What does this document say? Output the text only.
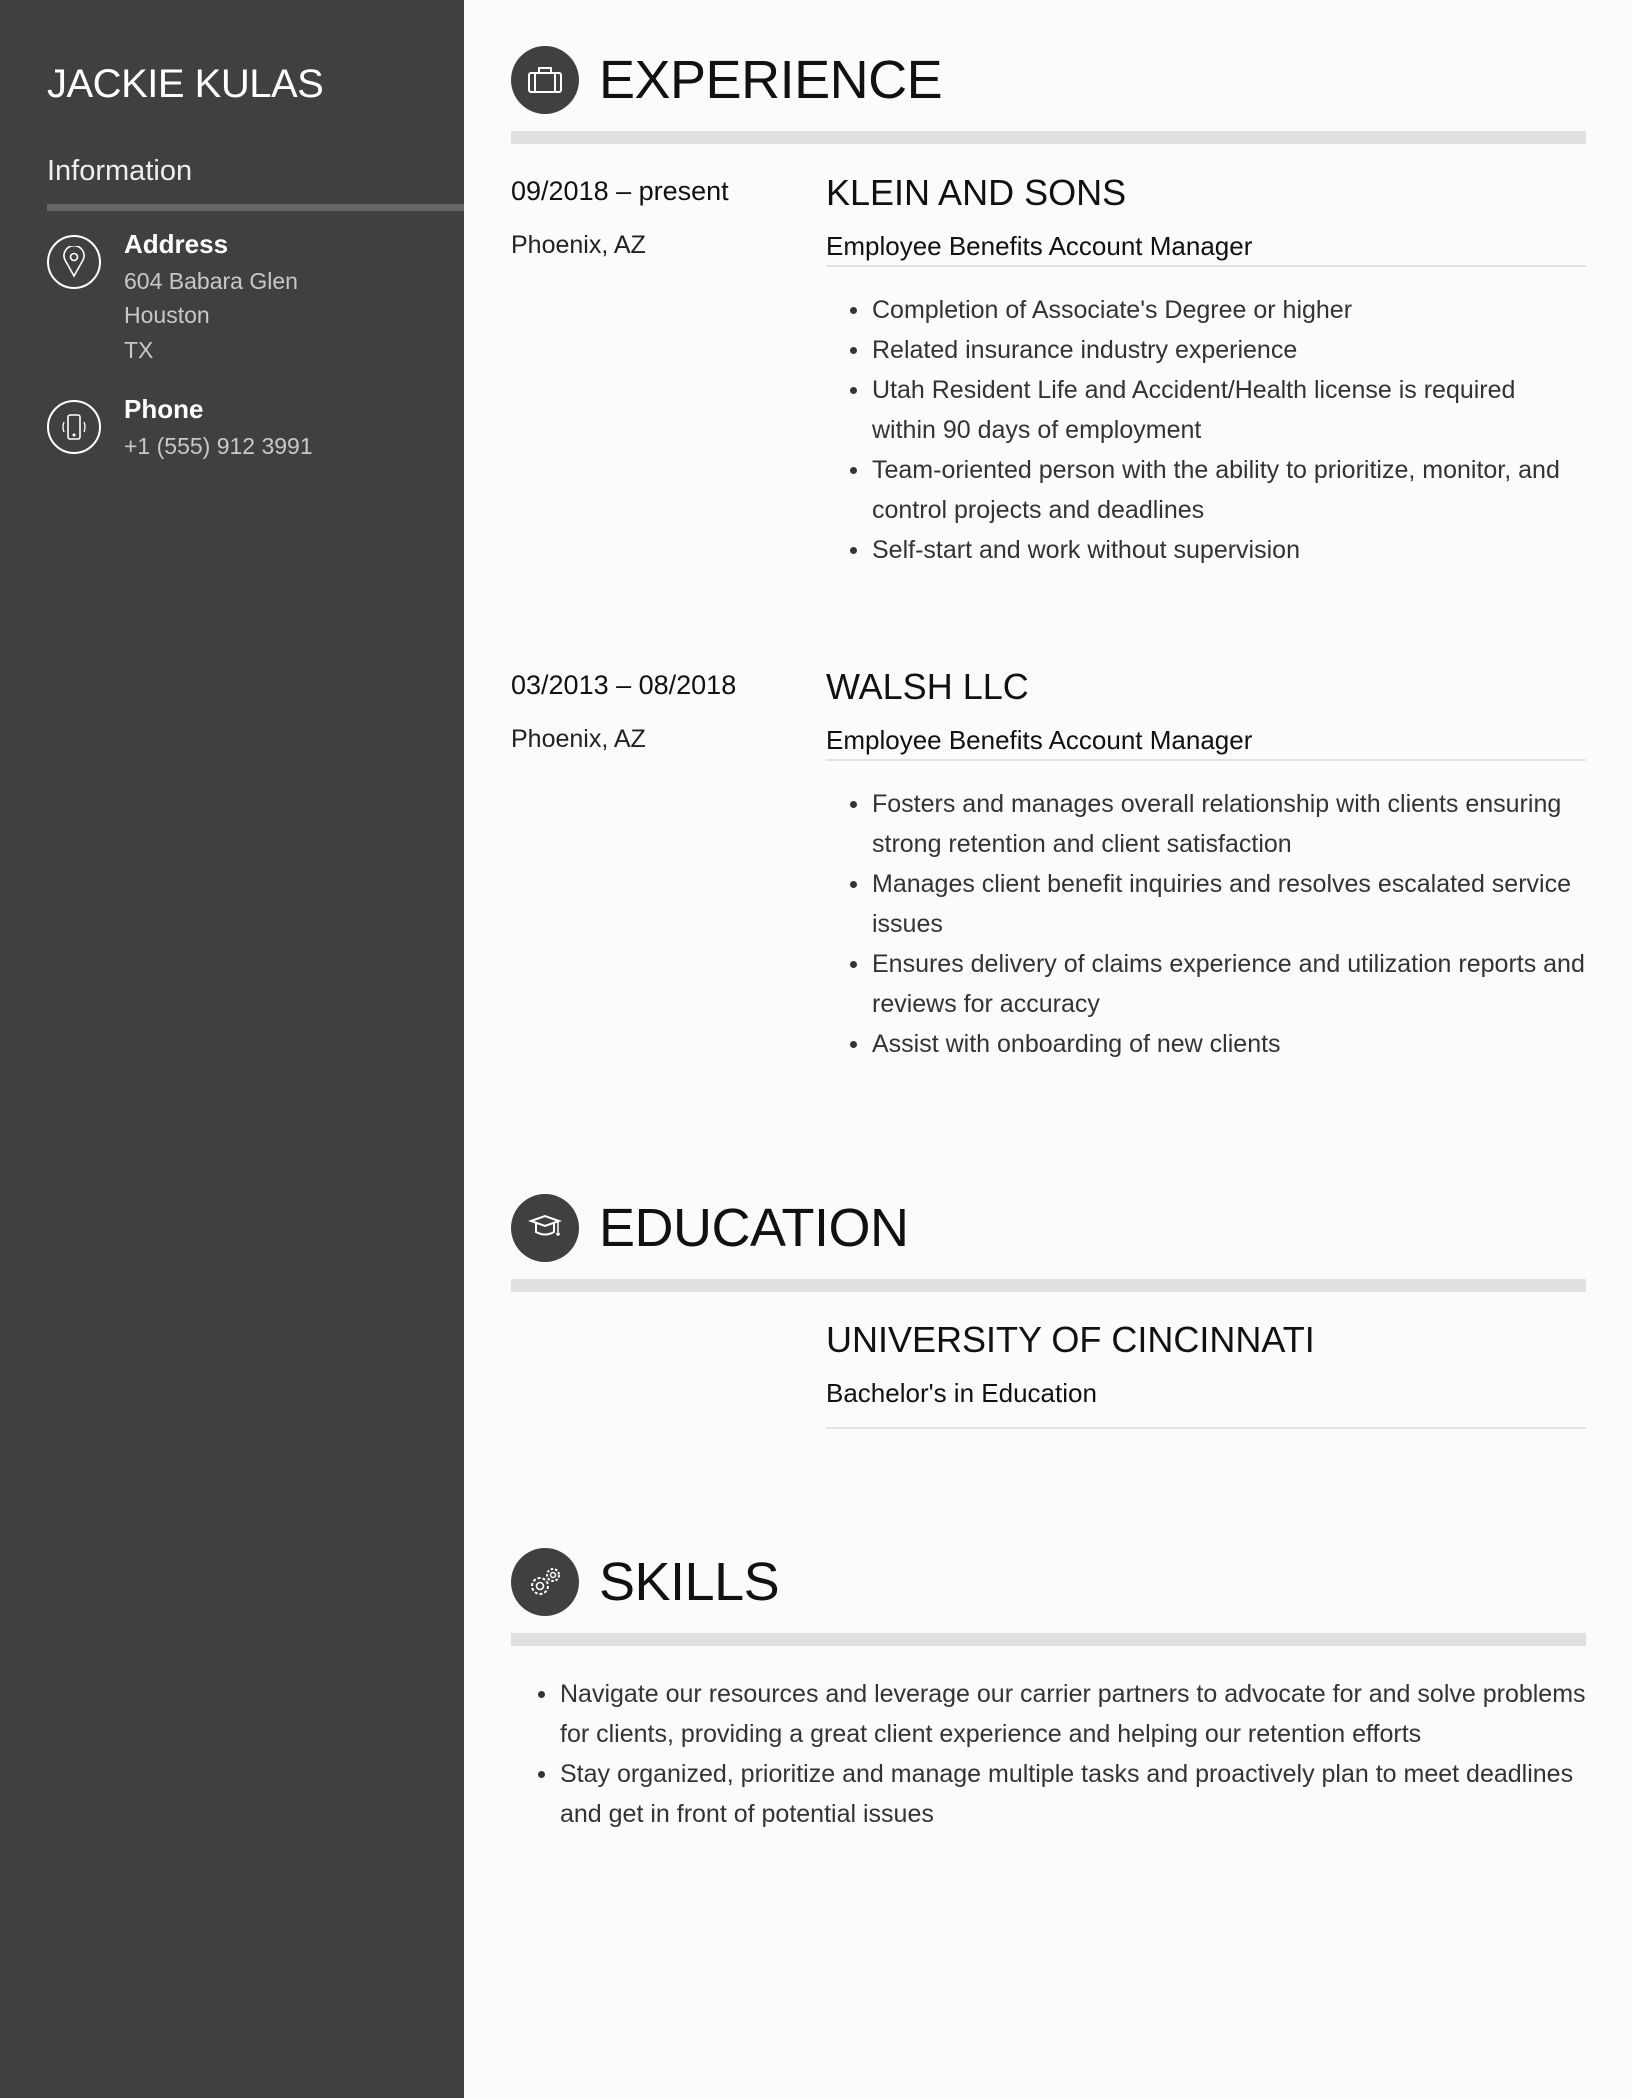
JACKIE KULAS
Information
Address
604 Babara Glen
Houston
TX
Phone
+1 (555) 912 3991
EXPERIENCE
09/2018 – present
Phoenix, AZ
KLEIN AND SONS
Employee Benefits Account Manager
Completion of Associate's Degree or higher
Related insurance industry experience
Utah Resident Life and Accident/Health license is required within 90 days of employment
Team-oriented person with the ability to prioritize, monitor, and control projects and deadlines
Self-start and work without supervision
03/2013 – 08/2018
Phoenix, AZ
WALSH LLC
Employee Benefits Account Manager
Fosters and manages overall relationship with clients ensuring strong retention and client satisfaction
Manages client benefit inquiries and resolves escalated service issues
Ensures delivery of claims experience and utilization reports and reviews for accuracy
Assist with onboarding of new clients
EDUCATION
UNIVERSITY OF CINCINNATI
Bachelor's in Education
SKILLS
Navigate our resources and leverage our carrier partners to advocate for and solve problems for clients, providing a great client experience and helping our retention efforts
Stay organized, prioritize and manage multiple tasks and proactively plan to meet deadlines and get in front of potential issues
